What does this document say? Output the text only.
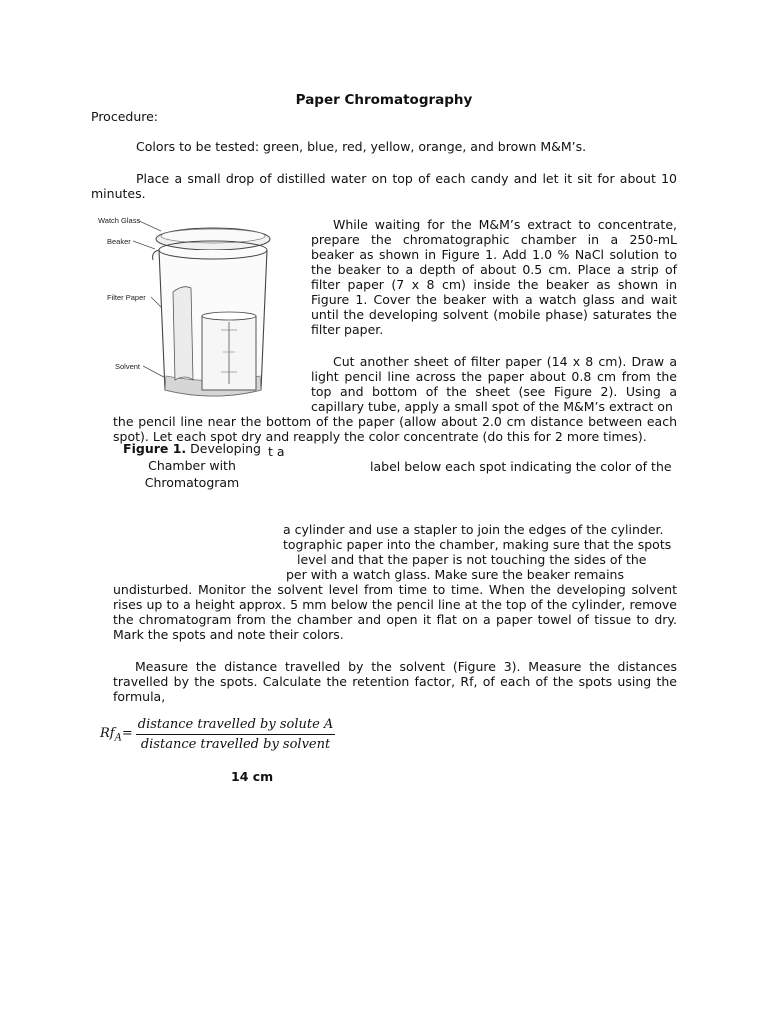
Paper Chromatography
Procedure:

Colors to be tested: green, blue, red, yellow, orange, and brown M&M’s.

Place a small drop of distilled water on top of each candy and let it sit for about 10 minutes.

Watch Glass
Beaker
Filter Paper
Solvent

While waiting for the M&M’s extract to concentrate, prepare the chromatographic chamber in a 250-mL beaker as shown in Figure 1. Add 1.0 % NaCl solution to the beaker to a depth of about 0.5 cm. Place a strip of filter paper (7 x 8 cm) inside the beaker as shown in Figure 1. Cover the beaker with a watch glass and wait until the developing solvent (mobile phase) saturates the filter paper.

Cut another sheet of filter paper (14 x 8 cm). Draw a light pencil line across the paper about 0.8 cm from the top and bottom of the sheet (see Figure 2). Using a capillary tube, apply a small spot of the M&M’s extract on

the pencil line near the bottom of the paper (allow about 2.0 cm distance between each spot). Let each spot dry and reapply the color concentrate (do this for 2 more times).

Figure 1. Developing Chamber with Chromatogram
t a
label below each spot indicating the color of the
a cylinder and use a stapler to join the edges of the cylinder.
tographic paper into the chamber, making sure that the spots
level and that the paper is not touching the sides of the
per with a watch glass. Make sure the beaker remains

undisturbed. Monitor the solvent level from time to time. When the developing solvent rises up to a height approx. 5 mm below the pencil line at the top of the cylinder, remove the chromatogram from the chamber and open it flat on a paper towel of tissue to dry. Mark the spots and note their colors.

Measure the distance travelled by the solvent (Figure 3). Measure the distances travelled by the spots. Calculate the retention factor, Rf, of each of the spots using the formula,

$Rf_A= \frac{\text{distance travelled by solute A}}{\text{distance travelled by solvent}}$
14 cm
